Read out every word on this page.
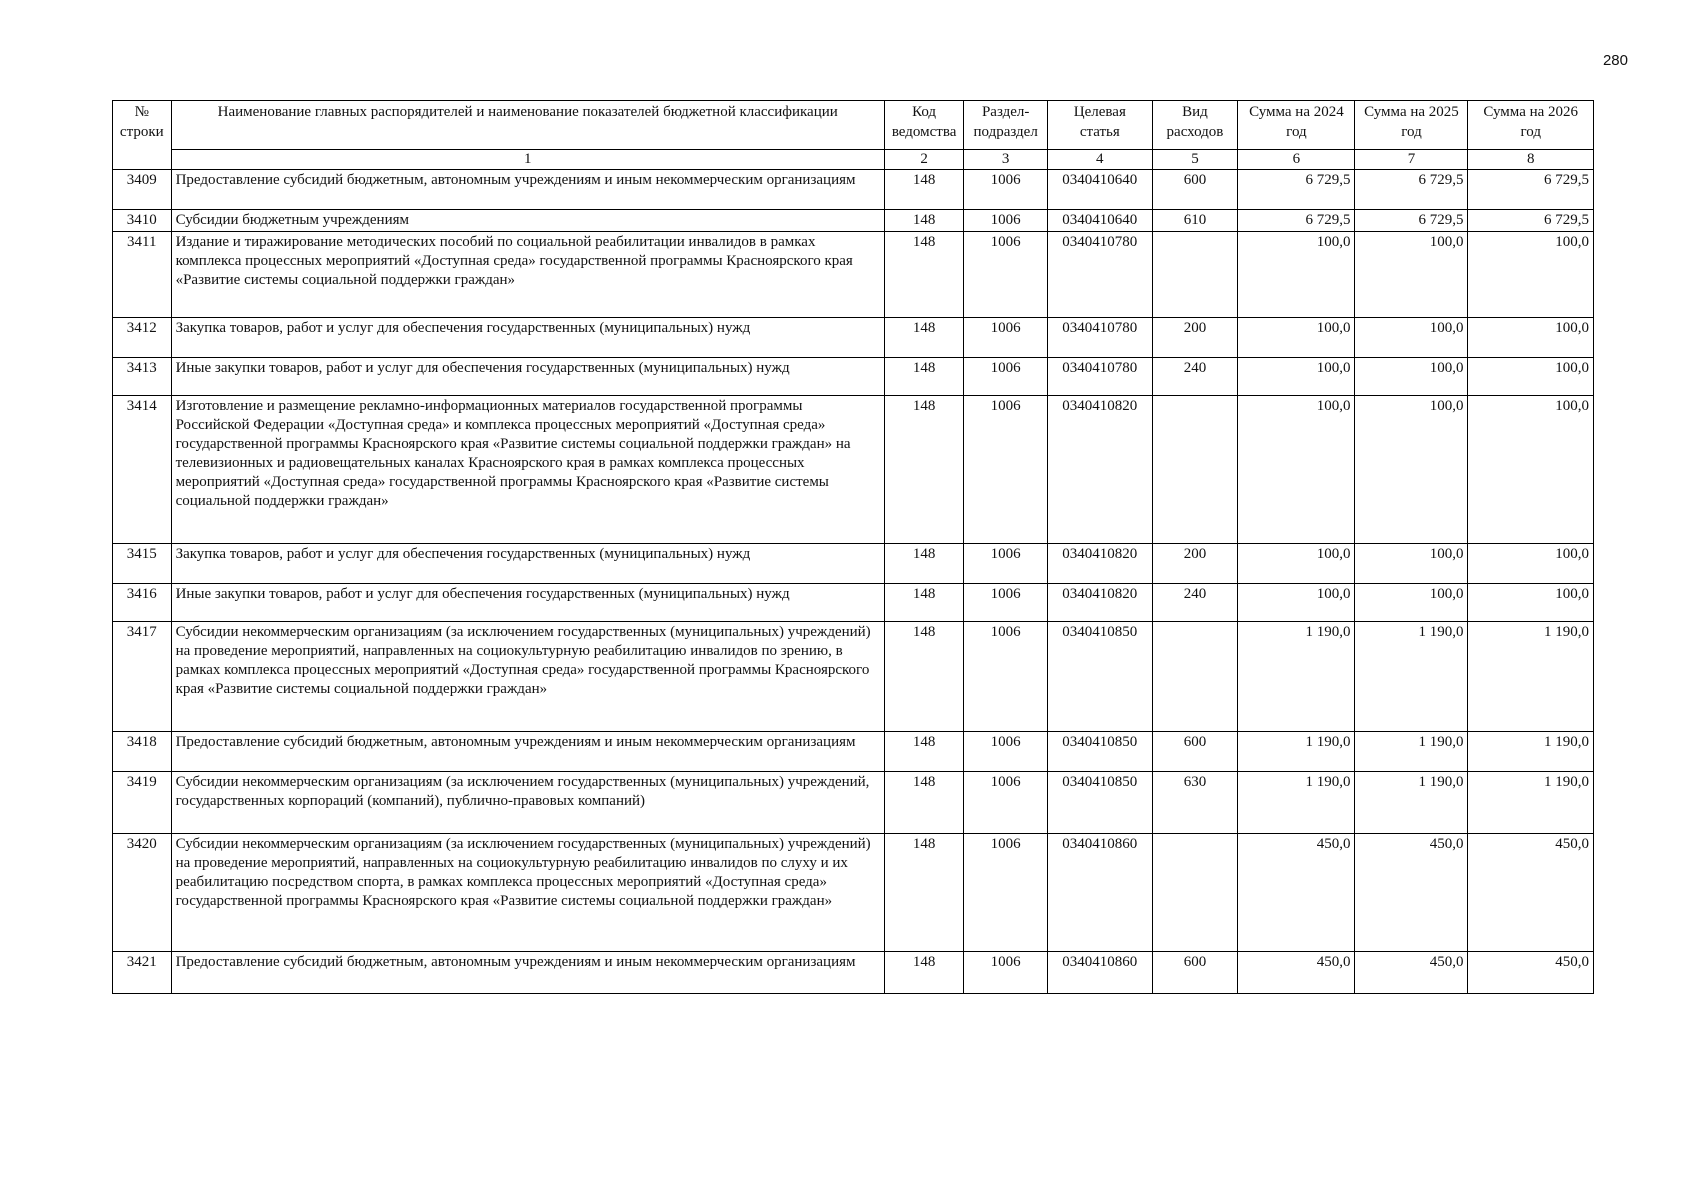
280
№ строки	Наименование главных распорядителей и наименование показателей бюджетной классификации	Код ведомства	Раздел-подраздел	Целевая статья	Вид расходов	Сумма на 2024 год	Сумма на 2025 год	Сумма на 2026 год
	1	2	3	4	5	6	7	8
3409	Предоставление субсидий бюджетным, автономным учреждениям и иным некоммерческим организациям	148	1006	0340410640	600	6 729,5	6 729,5	6 729,5
3410	Субсидии бюджетным учреждениям	148	1006	0340410640	610	6 729,5	6 729,5	6 729,5
3411	Издание и тиражирование методических пособий по социальной реабилитации инвалидов в рамках комплекса процессных мероприятий «Доступная среда» государственной программы Красноярского края «Развитие системы социальной поддержки граждан»	148	1006	0340410780		100,0	100,0	100,0
3412	Закупка товаров, работ и услуг для обеспечения государственных (муниципальных) нужд	148	1006	0340410780	200	100,0	100,0	100,0
3413	Иные закупки товаров, работ и услуг для обеспечения государственных (муниципальных) нужд	148	1006	0340410780	240	100,0	100,0	100,0
3414	Изготовление и размещение рекламно-информационных материалов государственной программы Российской Федерации «Доступная среда» и комплекса процессных мероприятий «Доступная среда» государственной программы Красноярского края «Развитие системы социальной поддержки граждан» на телевизионных и радиовещательных каналах Красноярского края в рамках комплекса процессных мероприятий «Доступная среда» государственной программы Красноярского края «Развитие системы социальной поддержки граждан»	148	1006	0340410820		100,0	100,0	100,0
3415	Закупка товаров, работ и услуг для обеспечения государственных (муниципальных) нужд	148	1006	0340410820	200	100,0	100,0	100,0
3416	Иные закупки товаров, работ и услуг для обеспечения государственных (муниципальных) нужд	148	1006	0340410820	240	100,0	100,0	100,0
3417	Субсидии некоммерческим организациям (за исключением государственных (муниципальных) учреждений) на проведение мероприятий, направленных на социокультурную реабилитацию инвалидов по зрению, в рамках комплекса процессных мероприятий «Доступная среда» государственной программы Красноярского края «Развитие системы социальной поддержки граждан»	148	1006	0340410850		1 190,0	1 190,0	1 190,0
3418	Предоставление субсидий бюджетным, автономным учреждениям и иным некоммерческим организациям	148	1006	0340410850	600	1 190,0	1 190,0	1 190,0
3419	Субсидии некоммерческим организациям (за исключением государственных (муниципальных) учреждений, государственных корпораций (компаний), публично-правовых компаний)	148	1006	0340410850	630	1 190,0	1 190,0	1 190,0
3420	Субсидии некоммерческим организациям (за исключением государственных (муниципальных) учреждений) на проведение мероприятий, направленных на социокультурную реабилитацию инвалидов по слуху и их реабилитацию посредством спорта, в рамках комплекса процессных мероприятий «Доступная среда» государственной программы Красноярского края «Развитие системы социальной поддержки граждан»	148	1006	0340410860		450,0	450,0	450,0
3421	Предоставление субсидий бюджетным, автономным учреждениям и иным некоммерческим организациям	148	1006	0340410860	600	450,0	450,0	450,0
